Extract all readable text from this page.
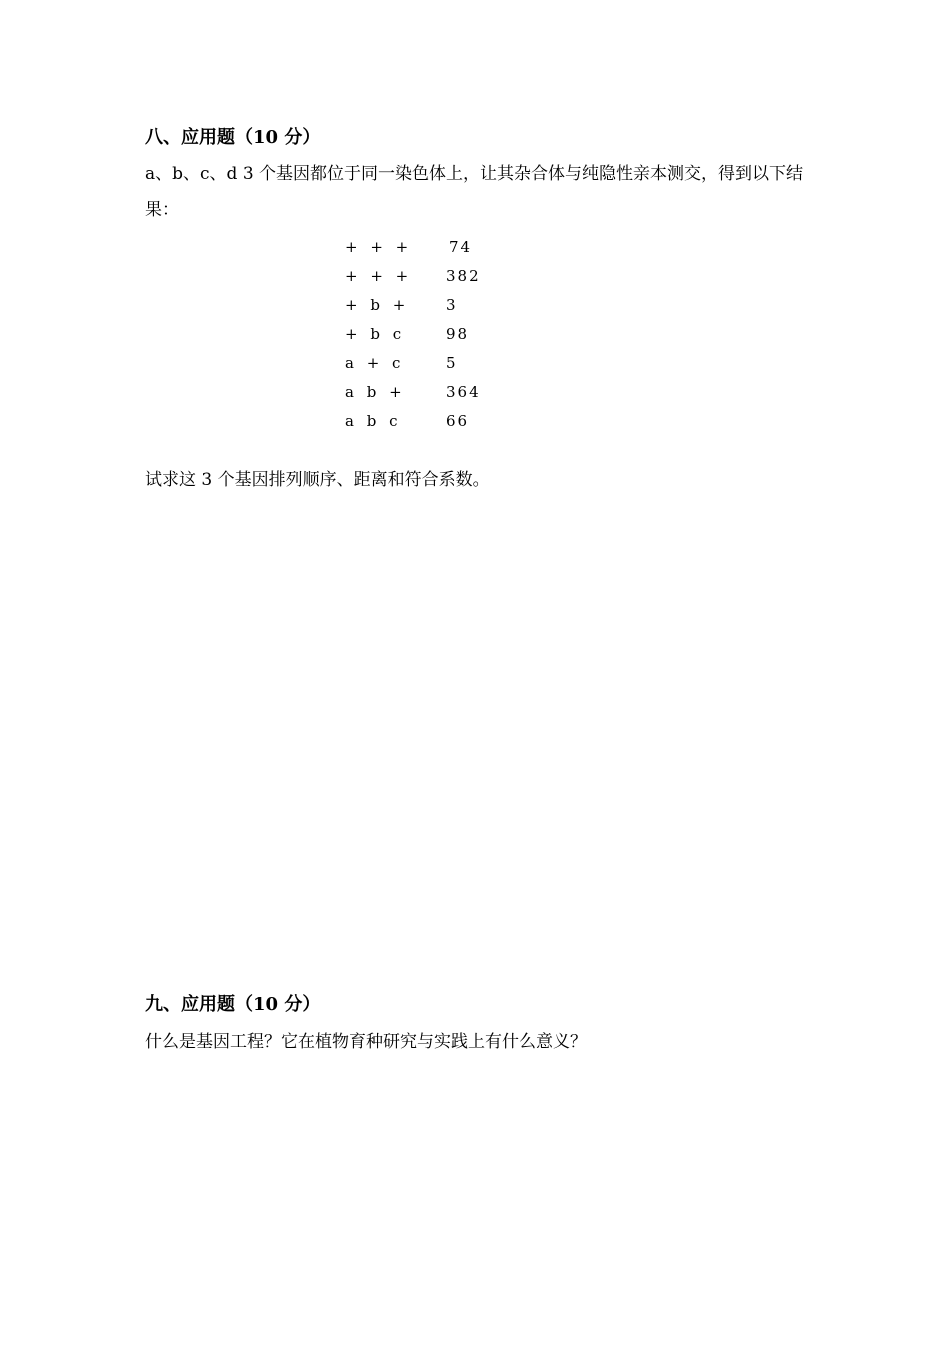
八、应用题（10 分）
a、b、c、d 3 个基因都位于同一染色体上，让其杂合体与纯隐性亲本测交，得到以下结果：
+ + +	74
+ + +	382
+ b +	3
+ b c	98
a + c	5
a b +	364
a b c	66
试求这 3 个基因排列顺序、距离和符合系数。
九、应用题（10 分）
什么是基因工程？它在植物育种研究与实践上有什么意义？
